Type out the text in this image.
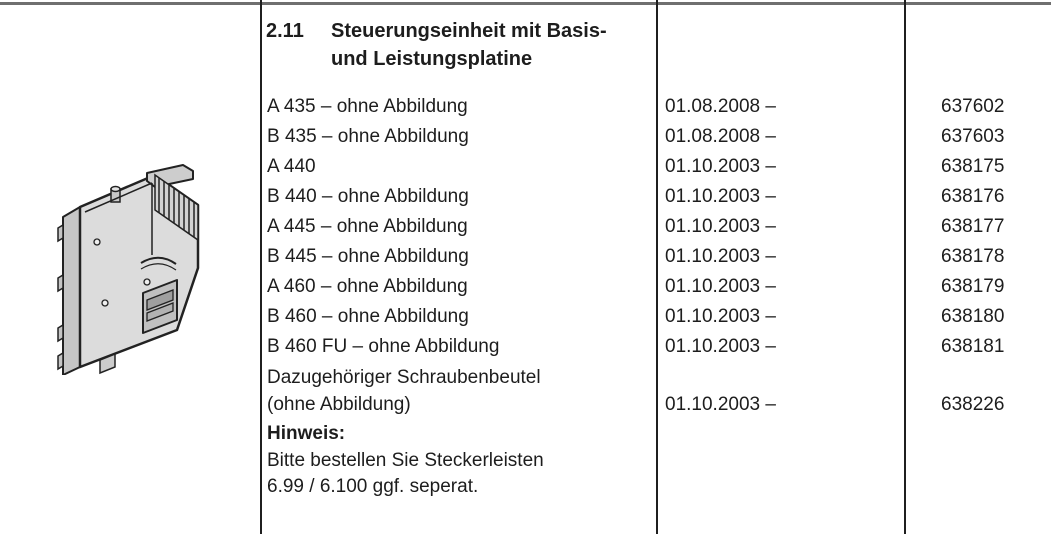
2.11 Steuerungseinheit mit Basis-
und Leistungsplatine
A 435 – ohne Abbildung	01.08.2008 –	637602
B 435 – ohne Abbildung	01.08.2008 –	637603
A 440	01.10.2003 –	638175
B 440 – ohne Abbildung	01.10.2003 –	638176
A 445 – ohne Abbildung	01.10.2003 –	638177
B 445 – ohne Abbildung	01.10.2003 –	638178
A 460 – ohne Abbildung	01.10.2003 –	638179
B 460 – ohne Abbildung	01.10.2003 –	638180
B 460 FU – ohne Abbildung	01.10.2003 –	638181
Dazugehöriger Schraubenbeutel
(ohne Abbildung)	01.10.2003 –	638226
Hinweis:
Bitte bestellen Sie Steckerleisten
6.99 / 6.100 ggf. seperat.
